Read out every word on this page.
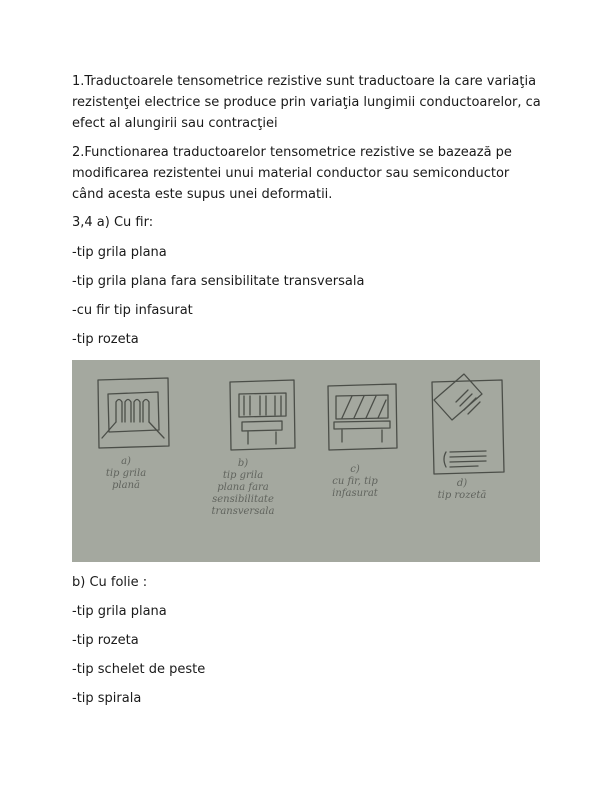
1.Traductoarele tensometrice rezistive sunt traductoare la care variaţia rezistenţei electrice se produce prin variaţia lungimii conductoarelor, ca efect al alungirii sau contracţiei

2.Functionarea traductoarelor tensometrice rezistive se bazează pe modificarea rezistentei unui material conductor sau semiconductor când acesta este supus unei deformatii.

3,4 a) Cu fir:

-tip grila plana

-tip grila plana fara sensibilitate transversala

-cu fir tip infasurat

-tip rozeta

a)
tip grila
plană
b)
tip grila
plana fara
sensibilitate
transversala
c)
cu fir, tip
infasurat
d)
tip rozetă

b) Cu folie :

-tip grila plana

-tip rozeta

-tip schelet de peste

-tip spirala
